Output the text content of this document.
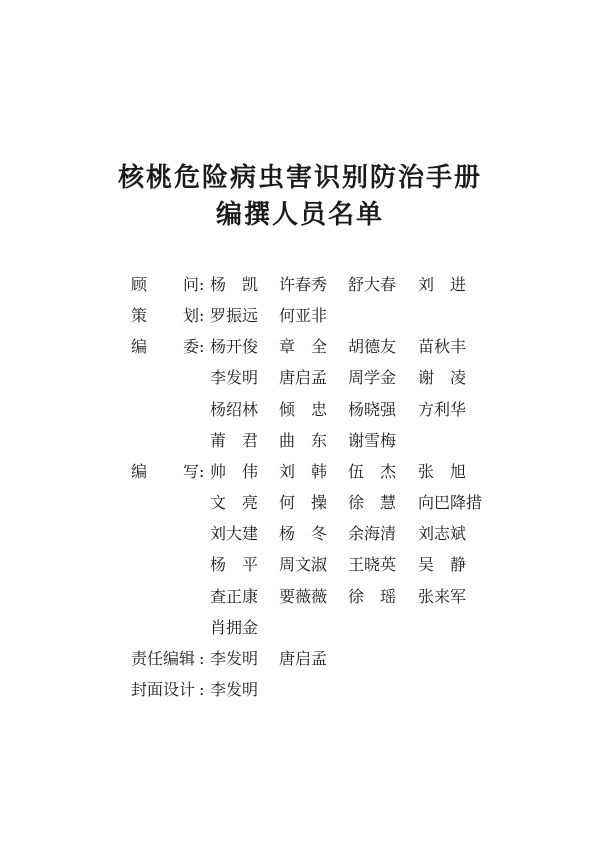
核桃危险病虫害识别防治手册
编撰人员名单
顾 问 : 杨　凯 许春秀 舒大春 刘　进
策 划 : 罗振远 何亚非
编 委 : 杨开俊 章　全 胡德友 苗秋丰
李发明 唐启孟 周学金 谢　凌
杨绍林 倾　忠 杨晓强 方利华
莆　君 曲　东 谢雪梅
编 写 : 帅　伟 刘　韩 伍　杰 张　旭
文　亮 何　操 徐　慧 向巴降措
刘大建 杨　冬 余海清 刘志斌
杨　平 周文淑 王晓英 吴　静
查正康 要薇薇 徐　瑶 张来军
肖拥金
责任编辑 : 李发明 唐启孟
封面设计 : 李发明
